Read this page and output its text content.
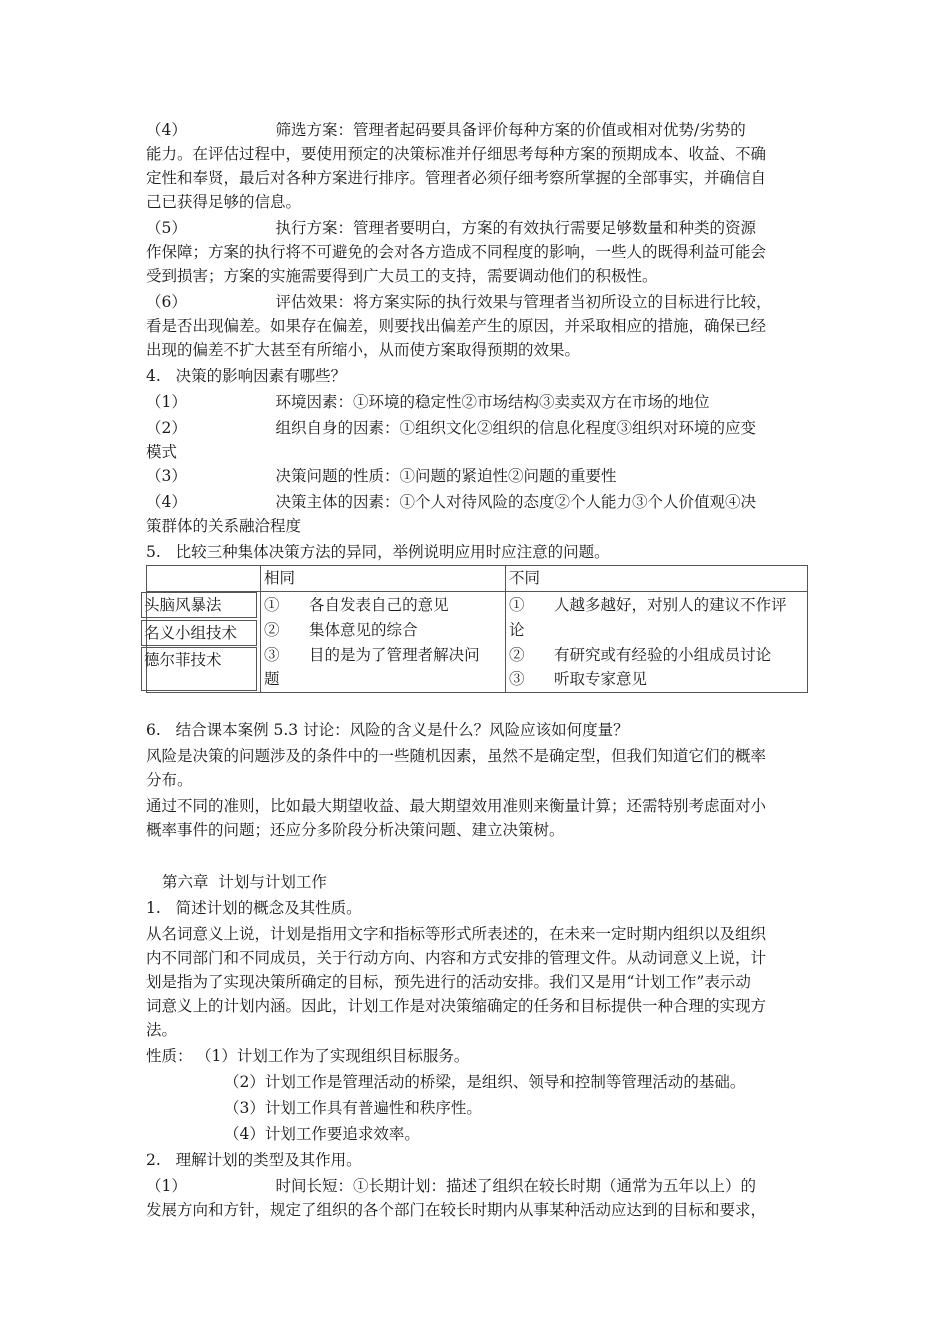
（4）                  筛选方案：管理者起码要具备评价每种方案的价值或相对优势/劣势的
能力。在评估过程中，要使用预定的决策标准并仔细思考每种方案的预期成本、收益、不确
定性和奉贤，最后对各种方案进行排序。管理者必须仔细考察所掌握的全部事实，并确信自
己已获得足够的信息。
（5）                  执行方案：管理者要明白，方案的有效执行需要足够数量和种类的资源
作保障；方案的执行将不可避免的会对各方造成不同程度的影响，一些人的既得利益可能会
受到损害；方案的实施需要得到广大员工的支持，需要调动他们的积极性。
（6）                  评估效果：将方案实际的执行效果与管理者当初所设立的目标进行比较，
看是否出现偏差。如果存在偏差，则要找出偏差产生的原因，并采取相应的措施，确保已经
出现的偏差不扩大甚至有所缩小，从而使方案取得预期的效果。
4.   决策的影响因素有哪些？
（1）                  环境因素：①环境的稳定性②市场结构③卖卖双方在市场的地位
（2）                  组织自身的因素：①组织文化②组织的信息化程度③组织对环境的应变
模式
（3）                  决策问题的性质：①问题的紧迫性②问题的重要性
（4）                  决策主体的因素：①个人对待风险的态度②个人能力③个人价值观④决
策群体的关系融洽程度
5.   比较三种集体决策方法的异同，举例说明应用时应注意的问题。
相同	不同
①      各自发表自己的意见
②      集体意见的综合
③      目的是为了管理者解决问
题
①      人越多越好，对别人的建议不作评
论
②      有研究或有经验的小组成员讨论
③      听取专家意见
头脑风暴法
名义小组技术
德尔菲技术
6.   结合课本案例 5.3 讨论：风险的含义是什么？风险应该如何度量？
风险是决策的问题涉及的条件中的一些随机因素，虽然不是确定型，但我们知道它们的概率
分布。
通过不同的准则，比如最大期望收益、最大期望效用准则来衡量计算；还需特别考虑面对小
概率事件的问题；还应分多阶段分析决策问题、建立决策树。
第六章  计划与计划工作
1.   简述计划的概念及其性质。
从名词意义上说，计划是指用文字和指标等形式所表述的，在未来一定时期内组织以及组织
内不同部门和不同成员，关于行动方向、内容和方式安排的管理文件。从动词意义上说，计
划是指为了实现决策所确定的目标，预先进行的活动安排。我们又是用“计划工作”表示动
词意义上的计划内涵。因此，计划工作是对决策缩确定的任务和目标提供一种合理的实现方
法。
性质： （1）计划工作为了实现组织目标服务。
（2）计划工作是管理活动的桥梁，是组织、领导和控制等管理活动的基础。
（3）计划工作具有普遍性和秩序性。
（4）计划工作要追求效率。
2.   理解计划的类型及其作用。
（1）                  时间长短：①长期计划：描述了组织在较长时期（通常为五年以上）的
发展方向和方针，规定了组织的各个部门在较长时期内从事某种活动应达到的目标和要求，
